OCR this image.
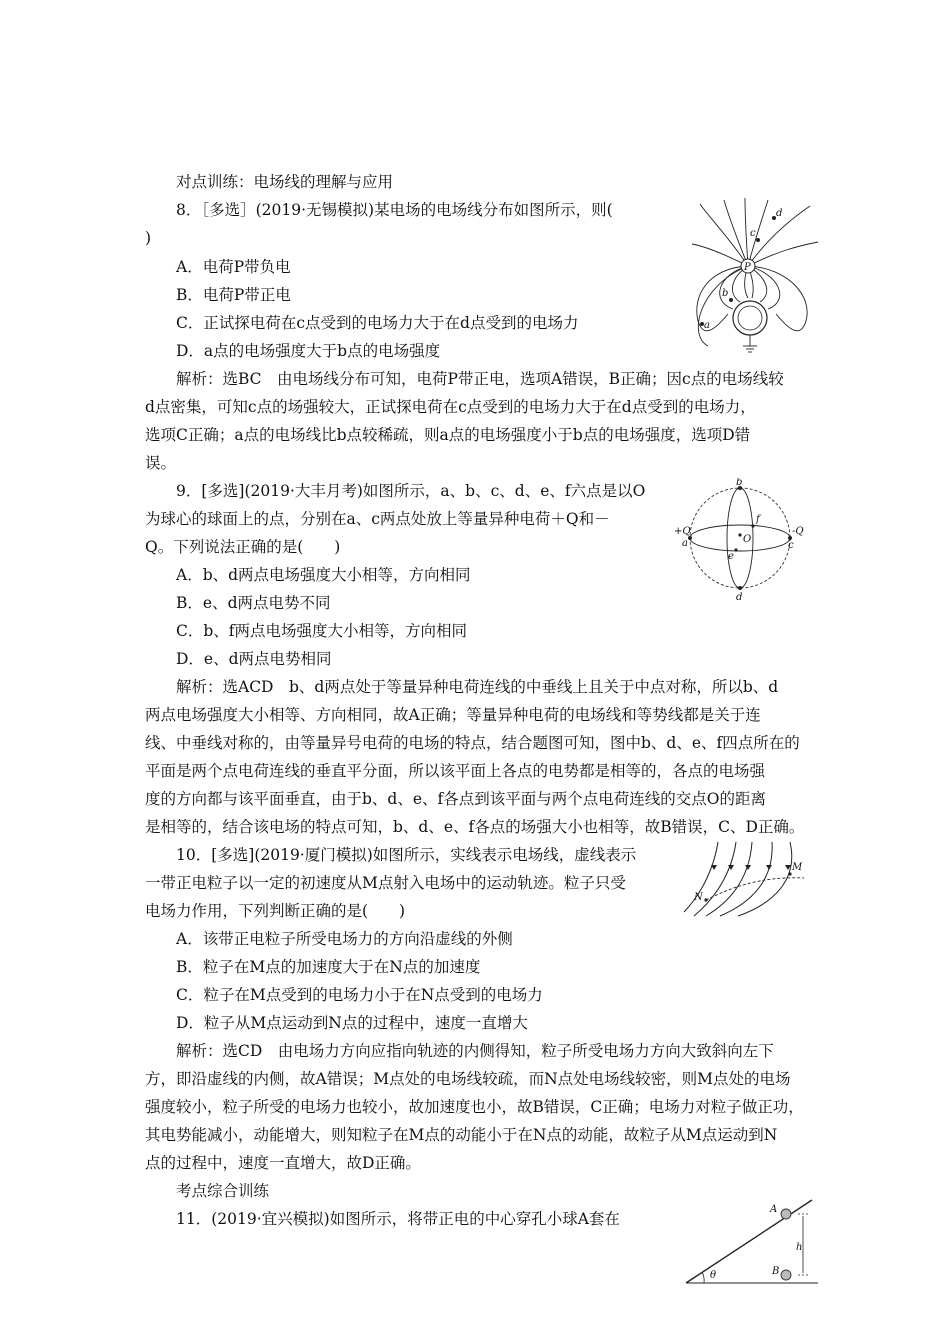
对点训练：电场线的理解与应用
8．［多选］(2019·无锡模拟)某电场的电场线分布如图所示，则(
)
A．电荷P带负电
B．电荷P带正电
C．正试探电荷在c点受到的电场力大于在d点受到的电场力
D．a点的电场强度大于b点的电场强度
解析：选BC　由电场线分布可知，电荷P带正电，选项A错误，B正确；因c点的电场线较
d点密集，可知c点的场强较大，正试探电荷在c点受到的电场力大于在d点受到的电场力，
选项C正确；a点的电场线比b点较稀疏，则a点的电场强度小于b点的电场强度，选项D错
误。
9．[多选](2019·大丰月考)如图所示，a、b、c、d、e、f六点是以O
为球心的球面上的点，分别在a、c两点处放上等量异种电荷＋Q和－
Q。下列说法正确的是(　　)
A．b、d两点电场强度大小相等，方向相同
B．e、d两点电势不同
C．b、f两点电场强度大小相等，方向相同
D．e、d两点电势相同
解析：选ACD　b、d两点处于等量异种电荷连线的中垂线上且关于中点对称，所以b、d
两点电场强度大小相等、方向相同，故A正确；等量异种电荷的电场线和等势线都是关于连
线、中垂线对称的，由等量异号电荷的电场的特点，结合题图可知，图中b、d、e、f四点所在的
平面是两个点电荷连线的垂直平分面，所以该平面上各点的电势都是相等的，各点的电场强
度的方向都与该平面垂直，由于b、d、e、f各点到该平面与两个点电荷连线的交点O的距离
是相等的，结合该电场的特点可知，b、d、e、f各点的场强大小也相等，故B错误，C、D正确。
10．[多选](2019·厦门模拟)如图所示，实线表示电场线，虚线表示
一带正电粒子以一定的初速度从M点射入电场中的运动轨迹。粒子只受
电场力作用，下列判断正确的是(　　)
A．该带正电粒子所受电场力的方向沿虚线的外侧
B．粒子在M点的加速度大于在N点的加速度
C．粒子在M点受到的电场力小于在N点受到的电场力
D．粒子从M点运动到N点的过程中，速度一直增大
解析：选CD　由电场力方向应指向轨迹的内侧得知，粒子所受电场力方向大致斜向左下
方，即沿虚线的内侧，故A错误；M点处的电场线较疏，而N点处电场线较密，则M点处的电场
强度较小，粒子所受的电场力也较小，故加速度也小，故B错误，C正确；电场力对粒子做正功，
其电势能减小，动能增大，则知粒子在M点的动能小于在N点的动能，故粒子从M点运动到N
点的过程中，速度一直增大，故D正确。
考点综合训练
11．(2019·宜兴模拟)如图所示，将带正电的中心穿孔小球A套在
P
d
c
b
a
b
d
+Q
a
-Q
c
O
e
f
N
M
θ
A
B
h
